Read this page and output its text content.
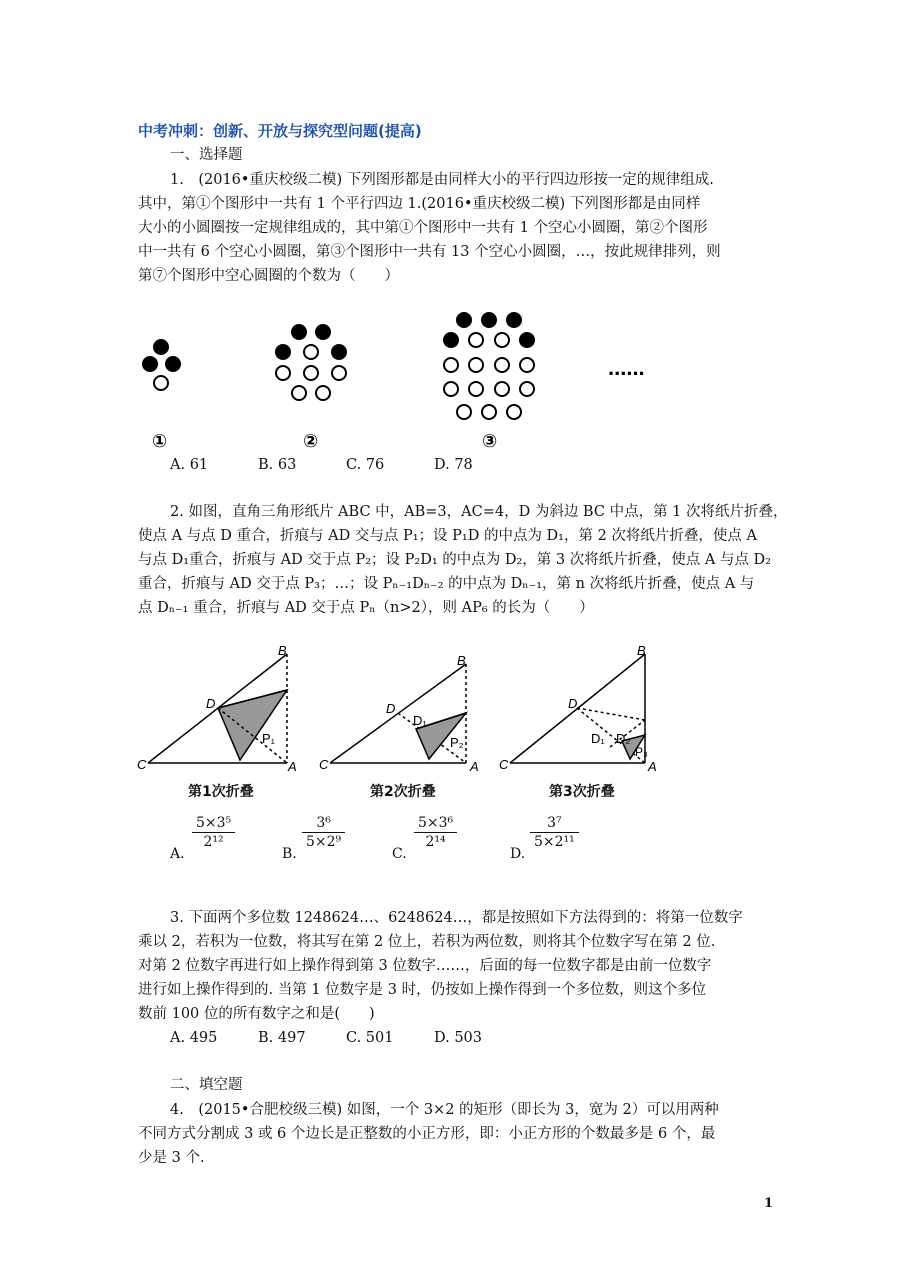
中考冲刺：创新、开放与探究型问题(提高)
一、选择题
1.　(2016•重庆校级二模) 下列图形都是由同样大小的平行四边形按一定的规律组成.
其中，第①个图形中一共有 1 个平行四边 1.(2016•重庆校级二模) 下列图形都是由同样
大小的小圆圈按一定规律组成的，其中第①个图形中一共有 1 个空心小圆圈，第②个图形
中一共有 6 个空心小圆圈，第③个图形中一共有 13 个空心小圆圈，…，按此规律排列，则
第⑦个图形中空心圆圈的个数为（　　）
......
①	②	③
A. 61	B. 63	C. 76	D. 78
2. 如图，直角三角形纸片 ABC 中，AB=3，AC=4，D 为斜边 BC 中点，第 1 次将纸片折叠，
使点 A 与点 D 重合，折痕与 AD 交与点 P₁；设 P₁D 的中点为 D₁，第 2 次将纸片折叠，使点 A
与点 D₁重合，折痕与 AD 交于点 P₂；设 P₂D₁ 的中点为 D₂，第 3 次将纸片折叠，使点 A 与点 D₂
重合，折痕与 AD 交于点 P₃；…；设 Pₙ₋₁Dₙ₋₂ 的中点为 Dₙ₋₁，第 n 次将纸片折叠，使点 A 与
点 Dₙ₋₁ 重合，折痕与 AD 交于点 Pₙ（n>2），则 AP₆ 的长为（　　）
B
C	A
D
P₁
B
C	A
D
D₁
P₂
B
C	A
D
D₁ D₂
P₃
第1次折叠	第2次折叠	第3次折叠
A.
$\frac{\text{5×3⁵}}{\text{2¹²}}$
B.
$\frac{\text{3⁶}}{\text{5×2⁹}}$
C.
$\frac{\text{5×3⁶}}{\text{2¹⁴}}$
D.
$\frac{\text{3⁷}}{\text{5×2¹¹}}$
3. 下面两个多位数 1248624…、6248624…，都是按照如下方法得到的：将第一位数字
乘以 2，若积为一位数，将其写在第 2 位上，若积为两位数，则将其个位数字写在第 2 位.
对第 2 位数字再进行如上操作得到第 3 位数字……，后面的每一位数字都是由前一位数字
进行如上操作得到的. 当第 1 位数字是 3 时，仍按如上操作得到一个多位数，则这个多位
数前 100 位的所有数字之和是(　　)
A. 495	B. 497	C. 501	D. 503
二、填空题
4.　(2015•合肥校级三模) 如图，一个 3×2 的矩形（即长为 3，宽为 2）可以用两种
不同方式分割成 3 或 6 个边长是正整数的小正方形，即：小正方形的个数最多是 6 个，最
少是 3 个.
1
